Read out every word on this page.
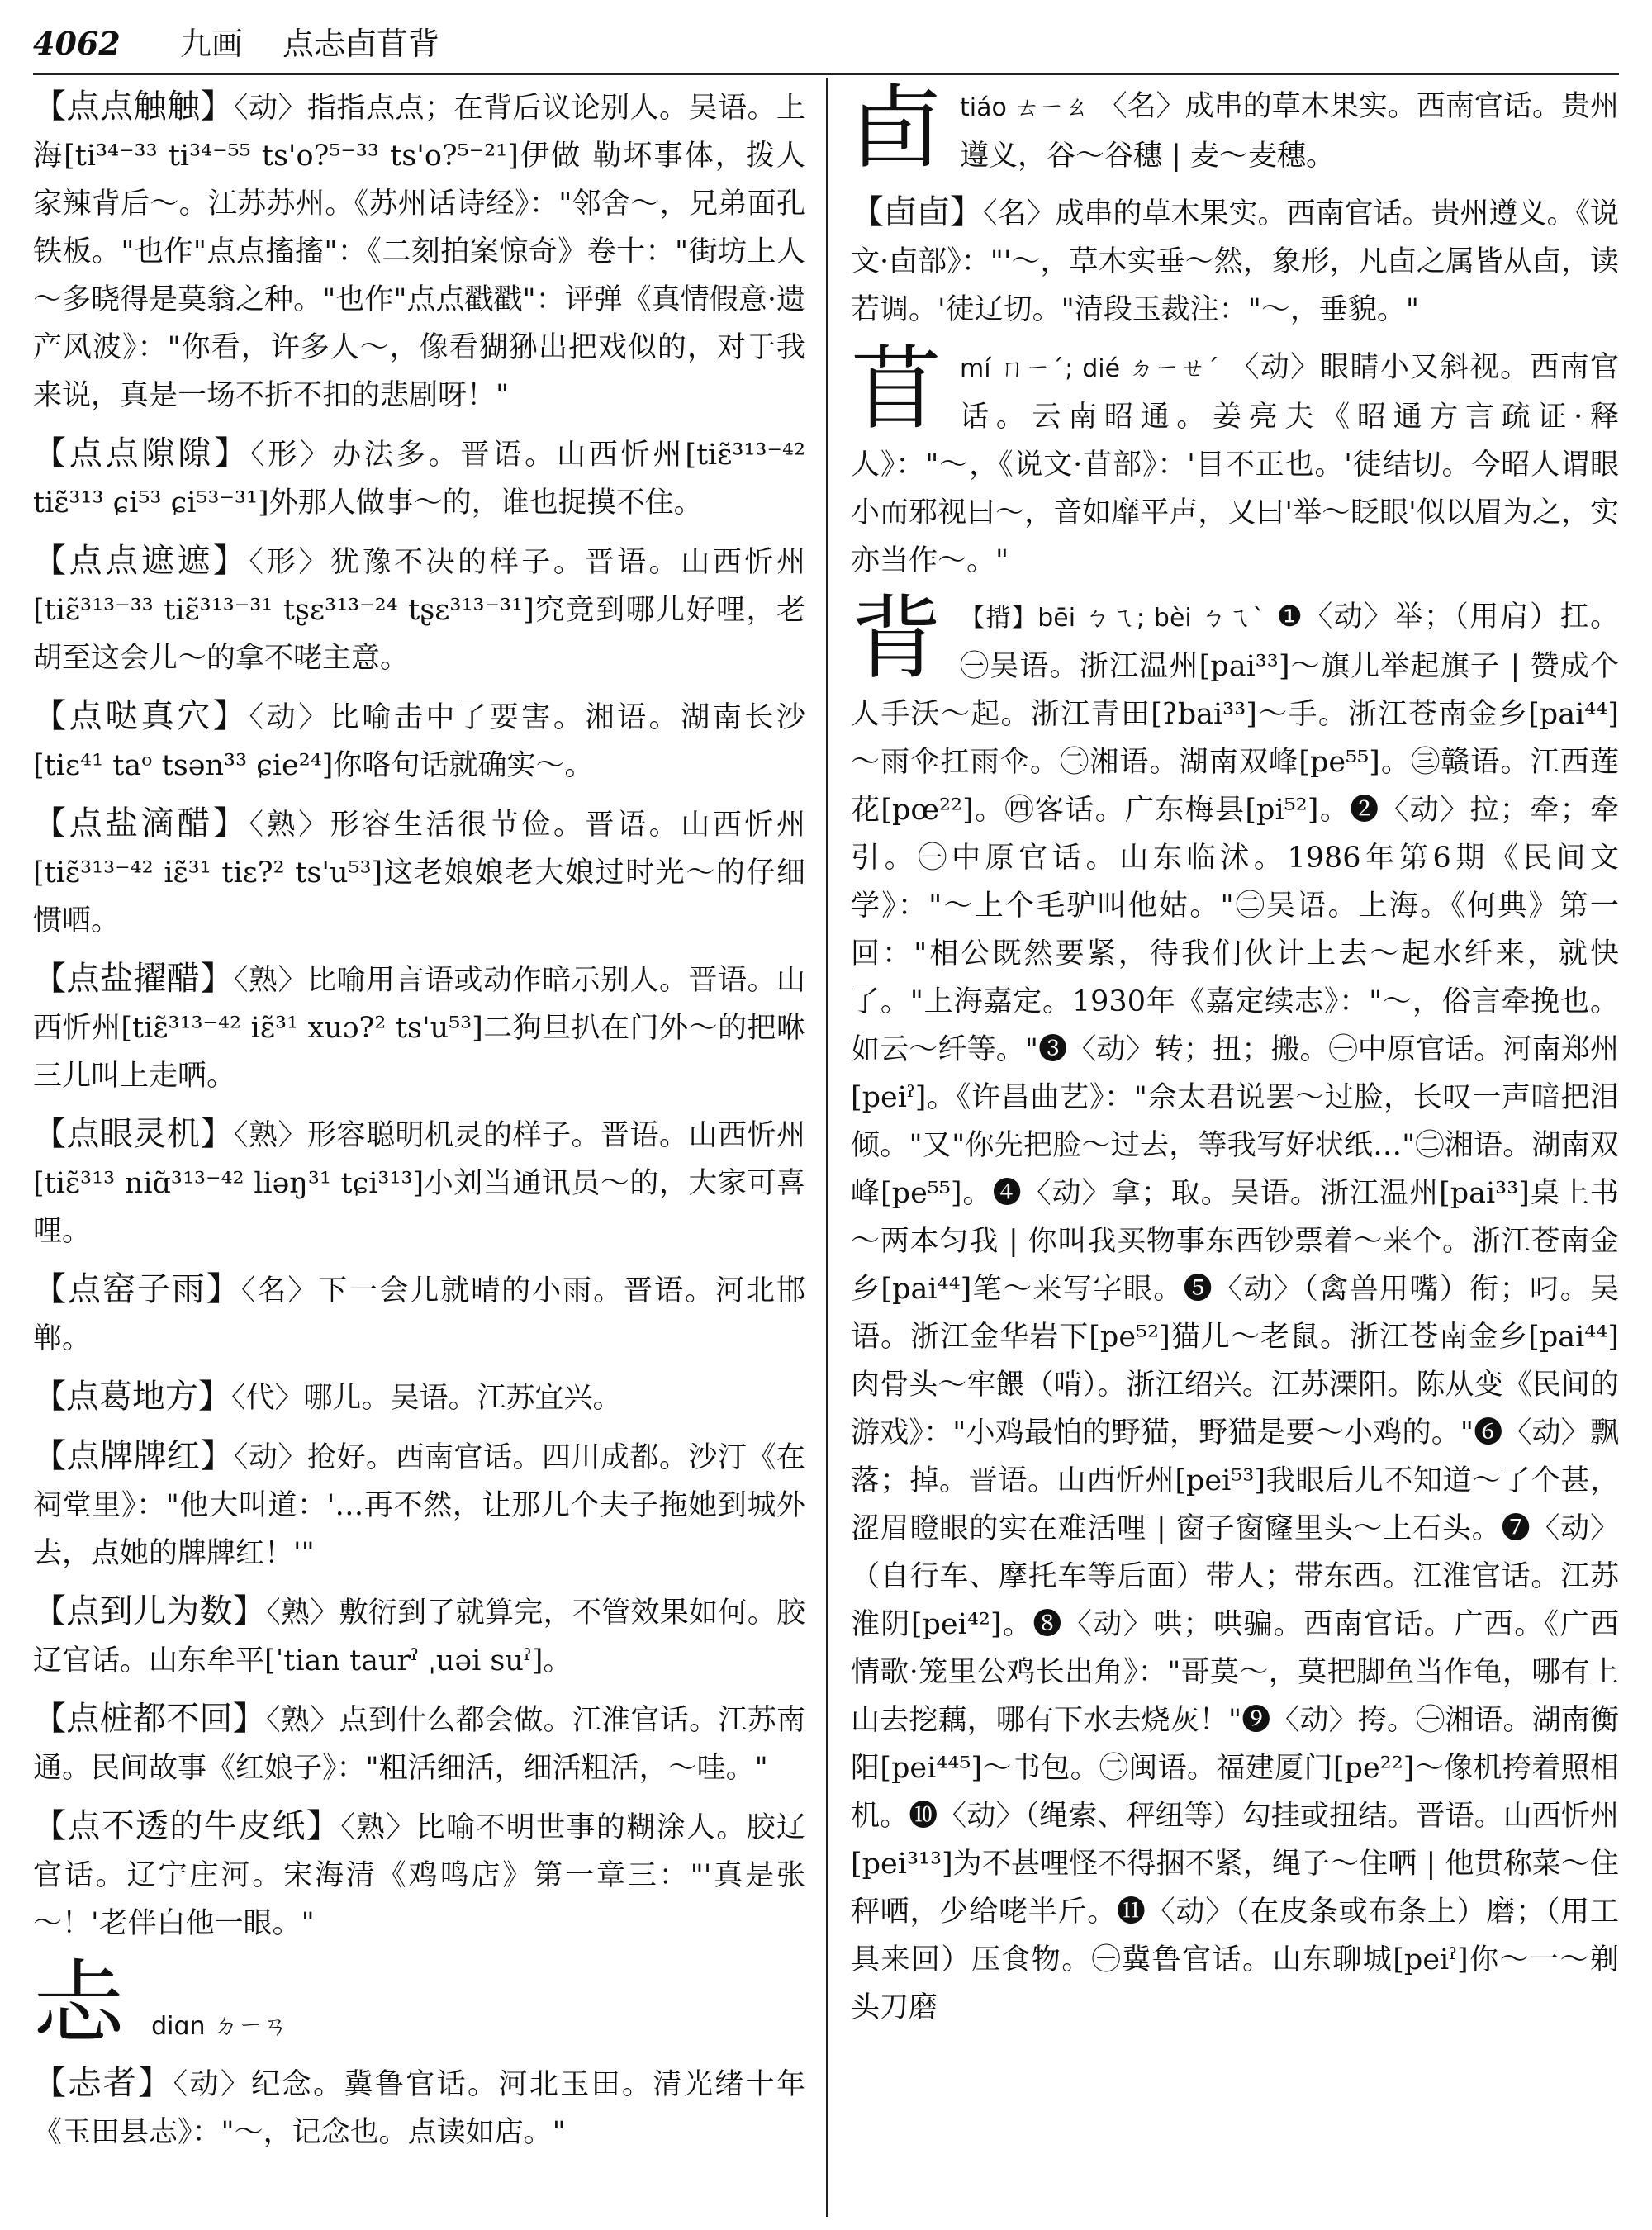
4062 九画 点忐卣苜背
【点点触触】〈动〉指指点点；在背后议论别人。吴语。上海[ti³⁴⁻³³ ti³⁴⁻⁵⁵ ts'o?⁵⁻³³ ts'o?⁵⁻²¹]伊做 勒坏事体，拨人家辣背后～。江苏苏州。《苏州话诗经》："邻舍～，兄弟面孔铁板。"也作"点点搐搐"：《二刻拍案惊奇》卷十："街坊上人～多晓得是莫翁之种。"也作"点点戳戳"：评弹《真情假意·遗产风波》："你看，许多人～，像看猢狲出把戏似的，对于我来说，真是一场不折不扣的悲剧呀！"
【点点隙隙】〈形〉办法多。晋语。山西忻州[tiɛ̃³¹³⁻⁴² tiɛ̃³¹³ ɕi⁵³ ɕi⁵³⁻³¹]外那人做事～的，谁也捉摸不住。
【点点遮遮】〈形〉犹豫不决的样子。晋语。山西忻州[tiɛ̃³¹³⁻³³ tiɛ̃³¹³⁻³¹ tʂɛ³¹³⁻²⁴ tʂɛ³¹³⁻³¹]究竟到哪儿好哩，老胡至这会儿～的拿不咾主意。
【点哒真穴】〈动〉比喻击中了要害。湘语。湖南长沙[tiɛ⁴¹ taᵒ tsən³³ ɕie²⁴]你咯句话就确实～。
【点盐滴醋】〈熟〉形容生活很节俭。晋语。山西忻州[tiɛ̃³¹³⁻⁴² iɛ̃³¹ tiɛ?² ts'u⁵³]这老娘娘老大娘过时光～的仔细惯哂。
【点盐擢醋】〈熟〉比喻用言语或动作暗示别人。晋语。山西忻州[tiɛ̃³¹³⁻⁴² iɛ̃³¹ xuɔ?² ts'u⁵³]二狗旦扒在门外～的把咻三儿叫上走哂。
【点眼灵机】〈熟〉形容聪明机灵的样子。晋语。山西忻州[tiɛ̃³¹³ niɑ̃³¹³⁻⁴² liəŋ³¹ tɕi³¹³]小刘当通讯员～的，大家可喜哩。
【点窑子雨】〈名〉下一会儿就晴的小雨。晋语。河北邯郸。
【点葛地方】〈代〉哪儿。吴语。江苏宜兴。
【点牌牌红】〈动〉抢好。西南官话。四川成都。沙汀《在祠堂里》："他大叫道：'…再不然，让那儿个夫子拖她到城外去，点她的牌牌红！'"
【点到儿为数】〈熟〉敷衍到了就算完，不管效果如何。胶辽官话。山东牟平[ˈtian taurˀ ˌuəi suˀ]。
【点桩都不回】〈熟〉点到什么都会做。江淮官话。江苏南通。民间故事《红娘子》："粗活细活，细活粗活，～哇。"
【点不透的牛皮纸】〈熟〉比喻不明世事的糊涂人。胶辽官话。辽宁庄河。宋海清《鸡鸣店》第一章三："'真是张～！'老伴白他一眼。"
忐 diɑn ㄉㄧㄢ
【忐者】〈动〉纪念。冀鲁官话。河北玉田。清光绪十年《玉田县志》："～，记念也。点读如店。"
卣 tiáo ㄊㄧㄠ 〈名〉成串的草木果实。西南官话。贵州遵义，谷～谷穗 | 麦～麦穗。
【卣卣】〈名〉成串的草木果实。西南官话。贵州遵义。《说文·卣部》："'～，草木实垂～然，象形，凡卣之属皆从卣，读若调。'徒辽切。"清段玉裁注："～，垂貌。"
苜 mí ㄇㄧˊ; dié ㄉㄧㄝˊ 〈动〉眼睛小又斜视。西南官话。云南昭通。姜亮夫《昭通方言疏证·释人》："～，《说文·苜部》：'目不正也。'徒结切。今昭人谓眼小而邪视曰～，音如靡平声，又曰'举～眨眼'似以眉为之，实亦当作～。"
背 【揹】bēi ㄅㄟ; bèi ㄅㄟˋ ❶〈动〉举；（用肩）扛。㊀吴语。浙江温州[pai³³]～旗儿举起旗子 | 赞成个人手沃～起。浙江青田[ʔbai³³]～手。浙江苍南金乡[pai⁴⁴]～雨伞扛雨伞。㊁湘语。湖南双峰[pe⁵⁵]。㊂赣语。江西莲花[pœ²²]。㊃客话。广东梅县[pi⁵²]。❷〈动〉拉；牵；牵引。㊀中原官话。山东临沭。1986年第6期《民间文学》："～上个毛驴叫他姑。"㊁吴语。上海。《何典》第一回："相公既然要紧，待我们伙计上去～起水纤来，就快了。"上海嘉定。1930年《嘉定续志》："～，俗言牵挽也。如云～纤等。"❸〈动〉转；扭；搬。㊀中原官话。河南郑州[peiˀ]。《许昌曲艺》："佘太君说罢～过脸，长叹一声暗把泪倾。"又"你先把脸～过去，等我写好状纸…"㊁湘语。湖南双峰[pe⁵⁵]。❹〈动〉拿；取。吴语。浙江温州[pai³³]桌上书～两本匀我 | 你叫我买物事东西钞票着～来个。浙江苍南金乡[pai⁴⁴]笔～来写字眼。❺〈动〉（禽兽用嘴）衔；叼。吴语。浙江金华岩下[pe⁵²]猫儿～老鼠。浙江苍南金乡[pai⁴⁴]肉骨头～牢餵（啃）。浙江绍兴。江苏溧阳。陈从变《民间的游戏》："小鸡最怕的野猫，野猫是要～小鸡的。"❻〈动〉飘落；掉。晋语。山西忻州[pei⁵³]我眼后儿不知道～了个甚，涩眉瞪眼的实在难活哩 | 窗子窗窿里头～上石头。❼〈动〉（自行车、摩托车等后面）带人；带东西。江淮官话。江苏淮阴[pei⁴²]。❽〈动〉哄；哄骗。西南官话。广西。《广西情歌·笼里公鸡长出角》："哥莫～，莫把脚鱼当作龟，哪有上山去挖藕，哪有下水去烧灰！"❾〈动〉挎。㊀湘语。湖南衡阳[pei⁴⁴⁵]～书包。㊁闽语。福建厦门[pe²²]～像机挎着照相机。❿〈动〉（绳索、秤纽等）勾挂或扭结。晋语。山西忻州[pei³¹³]为不甚哩怪不得捆不紧，绳子～住哂 | 他贯称菜～住秤哂，少给咾半斤。⓫〈动〉（在皮条或布条上）磨；（用工具来回）压食物。㊀冀鲁官话。山东聊城[peiˀ]你～一～剃头刀磨
